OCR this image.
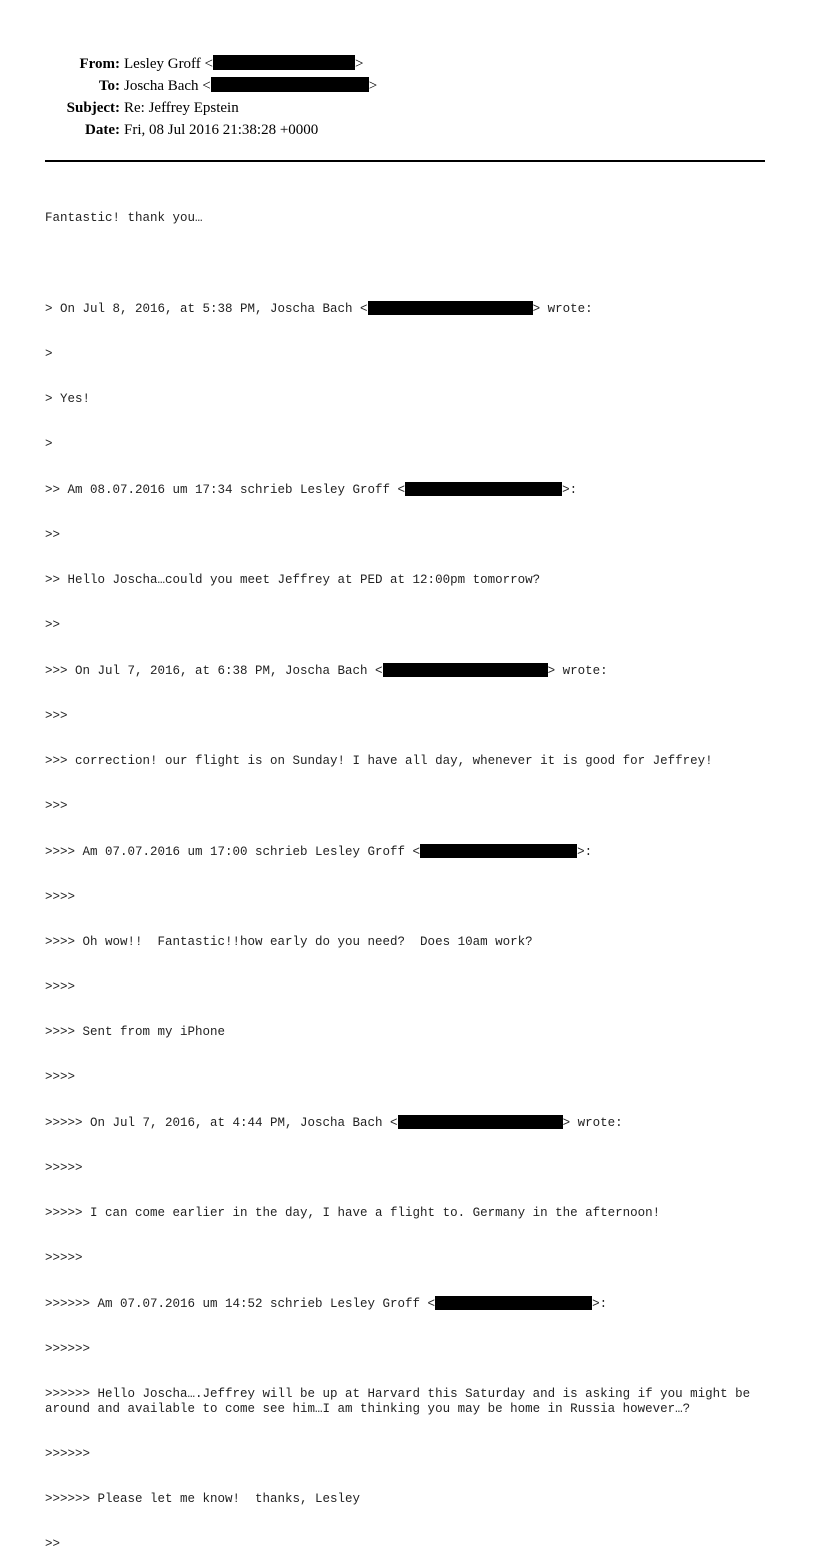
From: Lesley Groff <	>
To: Joscha Bach <	>
Subject: Re: Jeffrey Epstein
Date: Fri, 08 Jul 2016 21:38:28 +0000

Fantastic! thank you…

> On Jul 8, 2016, at 5:38 PM, Joscha Bach <	> wrote:

>

> Yes!

>

>> Am 08.07.2016 um 17:34 schrieb Lesley Groff <	>:

>>

>> Hello Joscha…could you meet Jeffrey at PED at 12:00pm tomorrow?

>>

>>> On Jul 7, 2016, at 6:38 PM, Joscha Bach <	> wrote:

>>>

>>> correction! our flight is on Sunday! I have all day, whenever it is good for Jeffrey!

>>>

>>>> Am 07.07.2016 um 17:00 schrieb Lesley Groff <	>:

>>>>

>>>> Oh wow!!  Fantastic!!how early do you need?  Does 10am work?

>>>>

>>>> Sent from my iPhone

>>>>

>>>>> On Jul 7, 2016, at 4:44 PM, Joscha Bach <	> wrote:

>>>>>

>>>>> I can come earlier in the day, I have a flight to. Germany in the afternoon!

>>>>>

>>>>>> Am 07.07.2016 um 14:52 schrieb Lesley Groff <	>:

>>>>>>

>>>>>> Hello Joscha….Jeffrey will be up at Harvard this Saturday and is asking if you might be around and available to come see him…I am thinking you may be home in Russia however…?

>>>>>>

>>>>>> Please let me know!  thanks, Lesley

>>
